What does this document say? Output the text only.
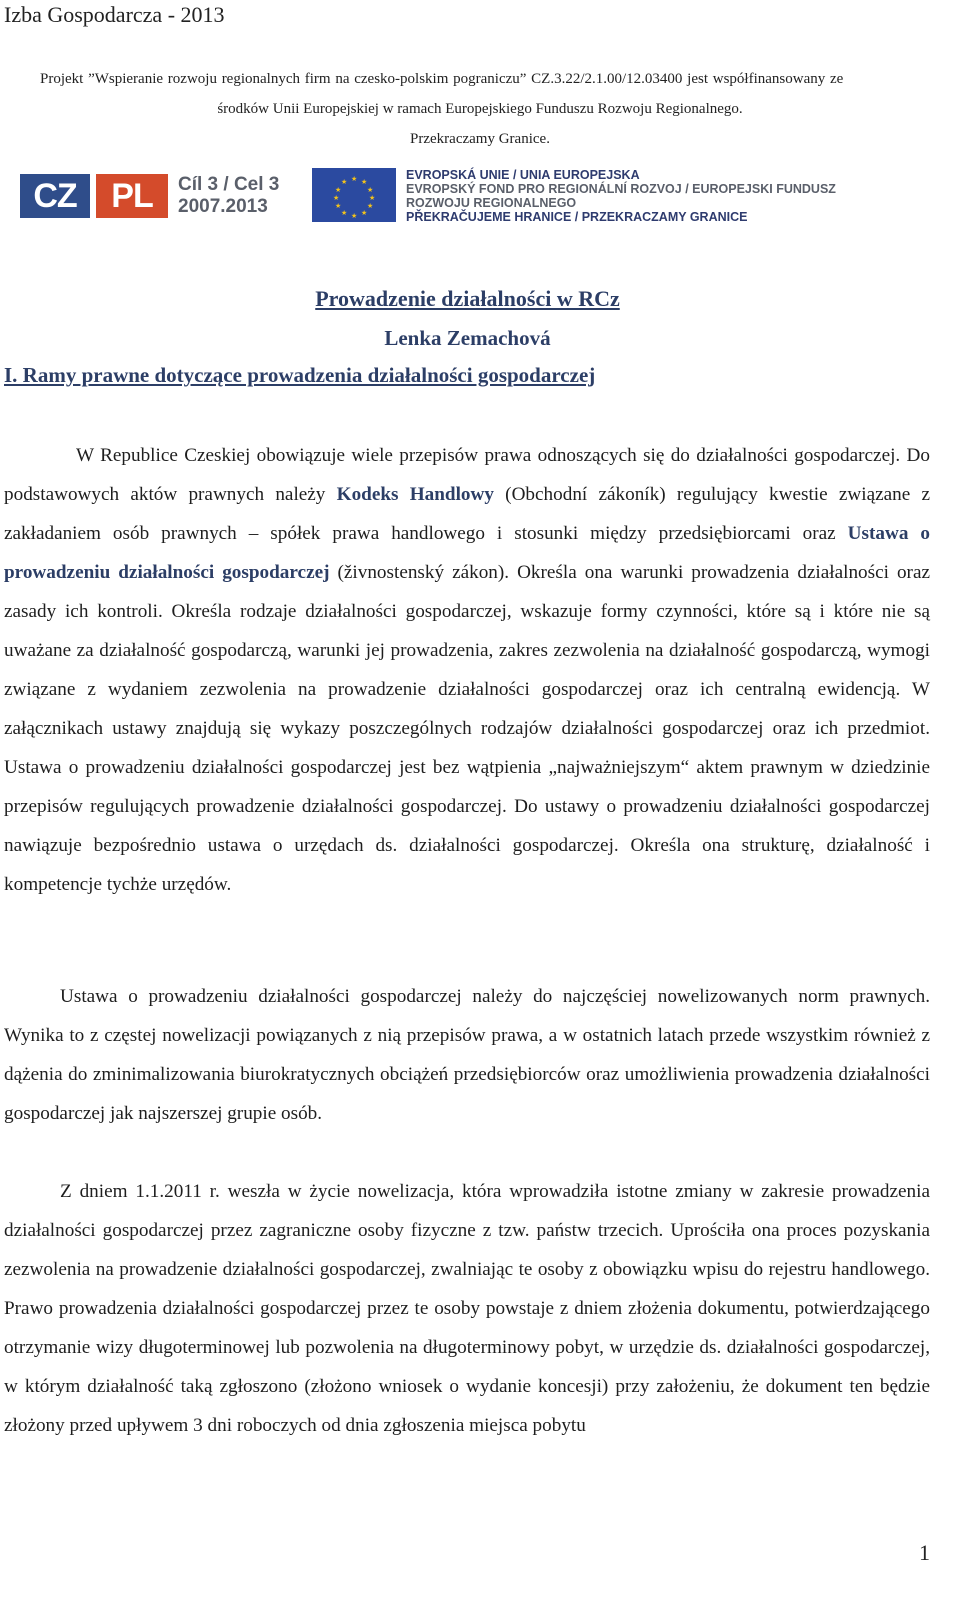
Izba Gospodarcza - 2013
Projekt ”Wspieranie rozwoju regionalnych firm na czesko-polskim pograniczu” CZ.3.22/2.1.00/12.03400 jest współfinansowany ze
środków Unii Europejskiej w ramach Europejskiego Funduszu Rozwoju Regionalnego.
Przekraczamy Granice.
CZ	PL	Cíl 3 / Cel 3
2007.2013
★ ★
★
★
★
★
★
★
★
★
★
★	EVROPSKÁ UNIE / UNIA EUROPEJSKA
EVROPSKÝ FOND PRO REGIONÁLNÍ ROZVOJ / EUROPEJSKI FUNDUSZ ROZWOJU REGIONALNEGO
PŘEKRAČUJEME HRANICE / PRZEKRACZAMY GRANICE
Prowadzenie działalności w RCz
Lenka Zemachová
I. Ramy prawne dotyczące prowadzenia działalności gospodarczej
W Republice Czeskiej obowiązuje wiele przepisów prawa odnoszących się do działalności gospodarczej. Do podstawowych aktów prawnych należy Kodeks Handlowy (Obchodní zákoník) regulujący kwestie związane z zakładaniem osób prawnych – spółek prawa handlowego i stosunki między przedsiębiorcami oraz Ustawa o prowadzeniu działalności gospodarczej (živnostenský zákon). Określa ona warunki prowadzenia działalności oraz zasady ich kontroli. Określa rodzaje działalności gospodarczej, wskazuje formy czynności, które są i które nie są uważane za działalność gospodarczą, warunki jej prowadzenia, zakres zezwolenia na działalność gospodarczą, wymogi związane z wydaniem zezwolenia na prowadzenie działalności gospodarczej oraz ich centralną ewidencją. W załącznikach ustawy znajdują się wykazy poszczególnych rodzajów działalności gospodarczej oraz ich przedmiot. Ustawa o prowadzeniu działalności gospodarczej jest bez wątpienia „najważniejszym“ aktem prawnym w dziedzinie przepisów regulujących prowadzenie działalności gospodarczej. Do ustawy o prowadzeniu działalności gospodarczej nawiązuje bezpośrednio ustawa o urzędach ds. działalności gospodarczej. Określa ona strukturę, działalność i kompetencje tychże urzędów.
Ustawa o prowadzeniu działalności gospodarczej należy do najczęściej nowelizowanych norm prawnych. Wynika to z częstej nowelizacji powiązanych z nią przepisów prawa, a w ostatnich latach przede wszystkim również z dążenia do zminimalizowania biurokratycznych obciążeń przedsiębiorców oraz umożliwienia prowadzenia działalności gospodarczej jak najszerszej grupie osób.
Z dniem 1.1.2011 r. weszła w życie nowelizacja, która wprowadziła istotne zmiany w zakresie prowadzenia działalności gospodarczej przez zagraniczne osoby fizyczne z tzw. państw trzecich. Uprościła ona proces pozyskania zezwolenia na prowadzenie działalności gospodarczej, zwalniając te osoby z obowiązku wpisu do rejestru handlowego. Prawo prowadzenia działalności gospodarczej przez te osoby powstaje z dniem złożenia dokumentu, potwierdzającego otrzymanie wizy długoterminowej lub pozwolenia na długoterminowy pobyt, w urzędzie ds. działalności gospodarczej, w którym działalność taką zgłoszono (złożono wniosek o wydanie koncesji) przy założeniu, że dokument ten będzie złożony przed upływem 3 dni roboczych od dnia zgłoszenia miejsca pobytu
1
